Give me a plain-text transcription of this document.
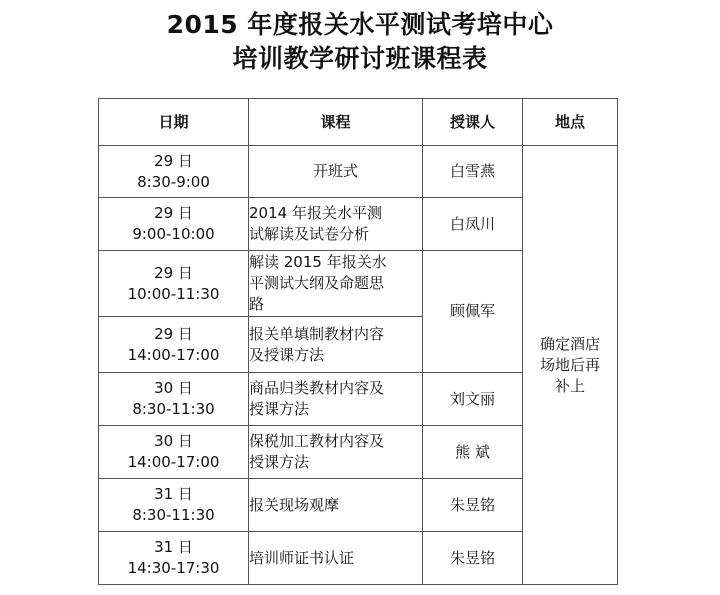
2015 年度报关水平测试考培中心
培训教学研讨班课程表
日期	课程	授课人	地点

29 日
8:30-9:00	开班式	白雪燕	确定酒店
场地后再
补上

29 日
9:00-10:00	2014 年报关水平测
试解读及试卷分析	白凤川	

29 日
10:00-11:30	解读 2015 年报关水
平测试大纲及命题思
路	顾佩军	

29 日
14:00-17:00	报关单填制教材内容
及授课方法		

30 日
8:30-11:30	商品归类教材内容及
授课方法	刘文丽	

30 日
14:00-17:00	保税加工教材内容及
授课方法	熊 斌	

31 日
8:30-11:30	报关现场观摩	朱昱铭	

31 日
14:30-17:30	培训师证书认证	朱昱铭	
